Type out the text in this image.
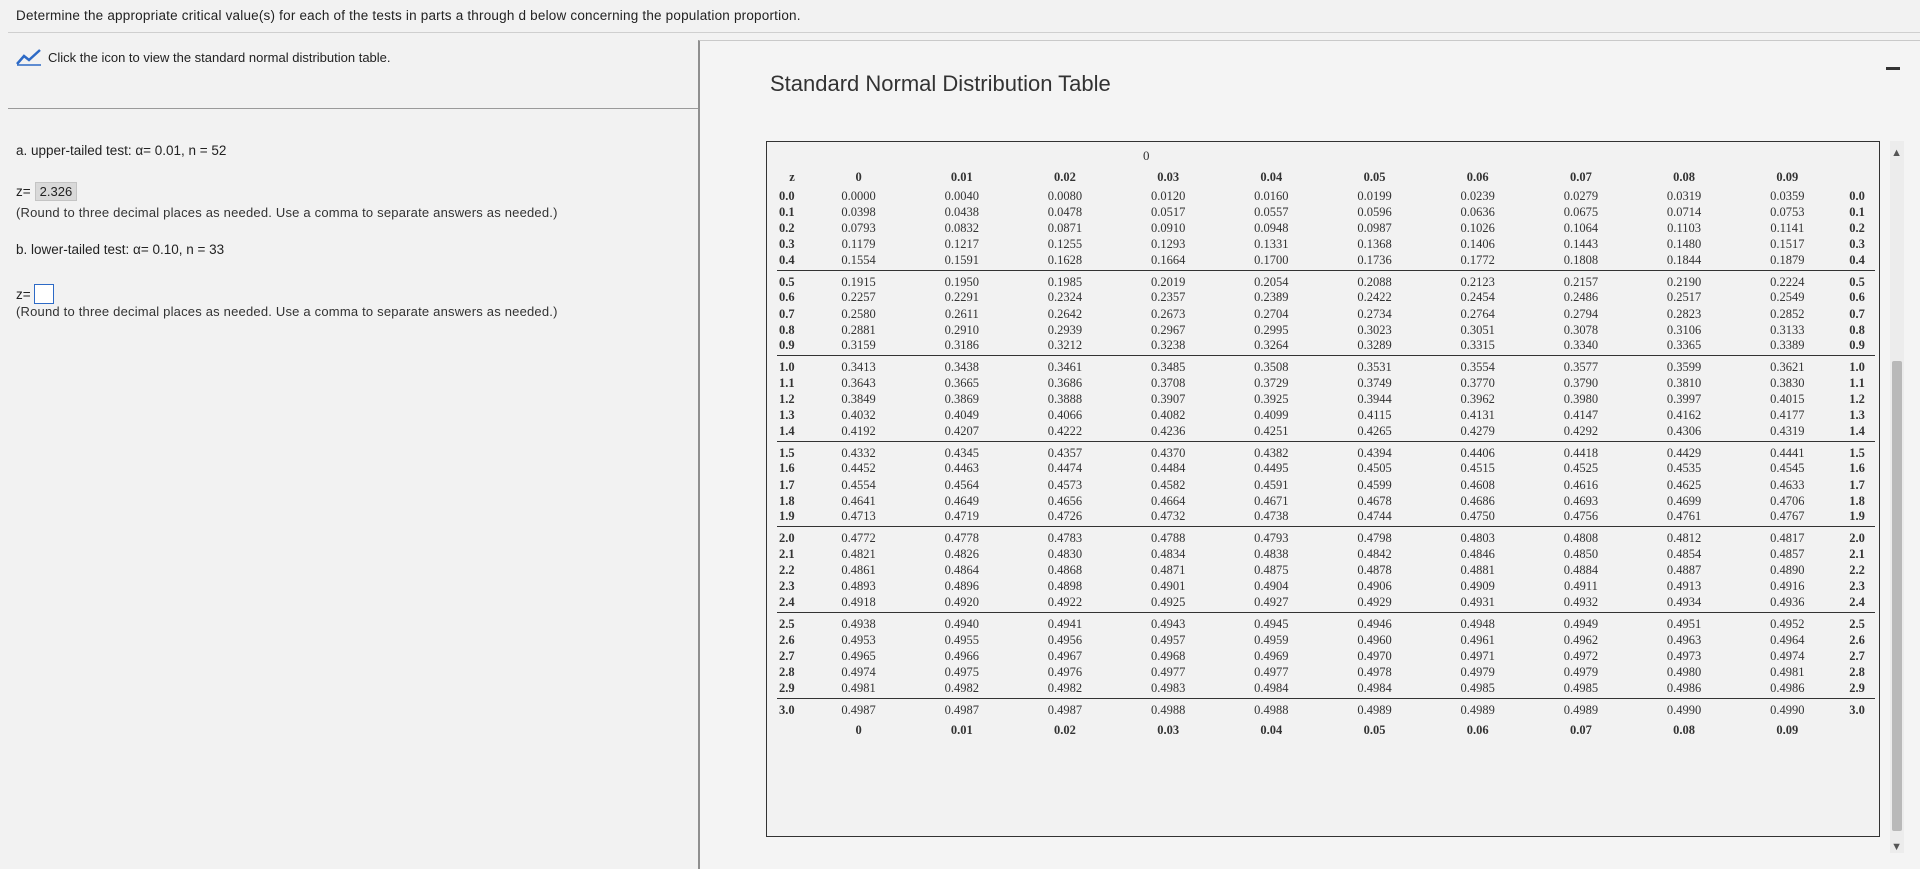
Determine the appropriate critical value(s) for each of the tests in parts a through d below concerning the population proportion.
Click the icon to view the standard normal distribution table.
a. upper-tailed test: α= 0.01, n = 52
z= 2.326
(Round to three decimal places as needed. Use a comma to separate answers as needed.)
b. lower-tailed test: α= 0.10, n = 33
z=
(Round to three decimal places as needed. Use a comma to separate answers as needed.)
Standard Normal Distribution Table
▲
▼
0
z	0	0.01	0.02	0.03	0.04	0.05	0.06	0.07	0.08	0.09	
0.0	0.0000	0.0040	0.0080	0.0120	0.0160	0.0199	0.0239	0.0279	0.0319	0.0359	0.0
0.1	0.0398	0.0438	0.0478	0.0517	0.0557	0.0596	0.0636	0.0675	0.0714	0.0753	0.1
0.2	0.0793	0.0832	0.0871	0.0910	0.0948	0.0987	0.1026	0.1064	0.1103	0.1141	0.2
0.3	0.1179	0.1217	0.1255	0.1293	0.1331	0.1368	0.1406	0.1443	0.1480	0.1517	0.3
0.4	0.1554	0.1591	0.1628	0.1664	0.1700	0.1736	0.1772	0.1808	0.1844	0.1879	0.4
0.5	0.1915	0.1950	0.1985	0.2019	0.2054	0.2088	0.2123	0.2157	0.2190	0.2224	0.5
0.6	0.2257	0.2291	0.2324	0.2357	0.2389	0.2422	0.2454	0.2486	0.2517	0.2549	0.6
0.7	0.2580	0.2611	0.2642	0.2673	0.2704	0.2734	0.2764	0.2794	0.2823	0.2852	0.7
0.8	0.2881	0.2910	0.2939	0.2967	0.2995	0.3023	0.3051	0.3078	0.3106	0.3133	0.8
0.9	0.3159	0.3186	0.3212	0.3238	0.3264	0.3289	0.3315	0.3340	0.3365	0.3389	0.9
1.0	0.3413	0.3438	0.3461	0.3485	0.3508	0.3531	0.3554	0.3577	0.3599	0.3621	1.0
1.1	0.3643	0.3665	0.3686	0.3708	0.3729	0.3749	0.3770	0.3790	0.3810	0.3830	1.1
1.2	0.3849	0.3869	0.3888	0.3907	0.3925	0.3944	0.3962	0.3980	0.3997	0.4015	1.2
1.3	0.4032	0.4049	0.4066	0.4082	0.4099	0.4115	0.4131	0.4147	0.4162	0.4177	1.3
1.4	0.4192	0.4207	0.4222	0.4236	0.4251	0.4265	0.4279	0.4292	0.4306	0.4319	1.4
1.5	0.4332	0.4345	0.4357	0.4370	0.4382	0.4394	0.4406	0.4418	0.4429	0.4441	1.5
1.6	0.4452	0.4463	0.4474	0.4484	0.4495	0.4505	0.4515	0.4525	0.4535	0.4545	1.6
1.7	0.4554	0.4564	0.4573	0.4582	0.4591	0.4599	0.4608	0.4616	0.4625	0.4633	1.7
1.8	0.4641	0.4649	0.4656	0.4664	0.4671	0.4678	0.4686	0.4693	0.4699	0.4706	1.8
1.9	0.4713	0.4719	0.4726	0.4732	0.4738	0.4744	0.4750	0.4756	0.4761	0.4767	1.9
2.0	0.4772	0.4778	0.4783	0.4788	0.4793	0.4798	0.4803	0.4808	0.4812	0.4817	2.0
2.1	0.4821	0.4826	0.4830	0.4834	0.4838	0.4842	0.4846	0.4850	0.4854	0.4857	2.1
2.2	0.4861	0.4864	0.4868	0.4871	0.4875	0.4878	0.4881	0.4884	0.4887	0.4890	2.2
2.3	0.4893	0.4896	0.4898	0.4901	0.4904	0.4906	0.4909	0.4911	0.4913	0.4916	2.3
2.4	0.4918	0.4920	0.4922	0.4925	0.4927	0.4929	0.4931	0.4932	0.4934	0.4936	2.4
2.5	0.4938	0.4940	0.4941	0.4943	0.4945	0.4946	0.4948	0.4949	0.4951	0.4952	2.5
2.6	0.4953	0.4955	0.4956	0.4957	0.4959	0.4960	0.4961	0.4962	0.4963	0.4964	2.6
2.7	0.4965	0.4966	0.4967	0.4968	0.4969	0.4970	0.4971	0.4972	0.4973	0.4974	2.7
2.8	0.4974	0.4975	0.4976	0.4977	0.4977	0.4978	0.4979	0.4979	0.4980	0.4981	2.8
2.9	0.4981	0.4982	0.4982	0.4983	0.4984	0.4984	0.4985	0.4985	0.4986	0.4986	2.9
3.0	0.4987	0.4987	0.4987	0.4988	0.4988	0.4989	0.4989	0.4989	0.4990	0.4990	3.0
	0	0.01	0.02	0.03	0.04	0.05	0.06	0.07	0.08	0.09	
